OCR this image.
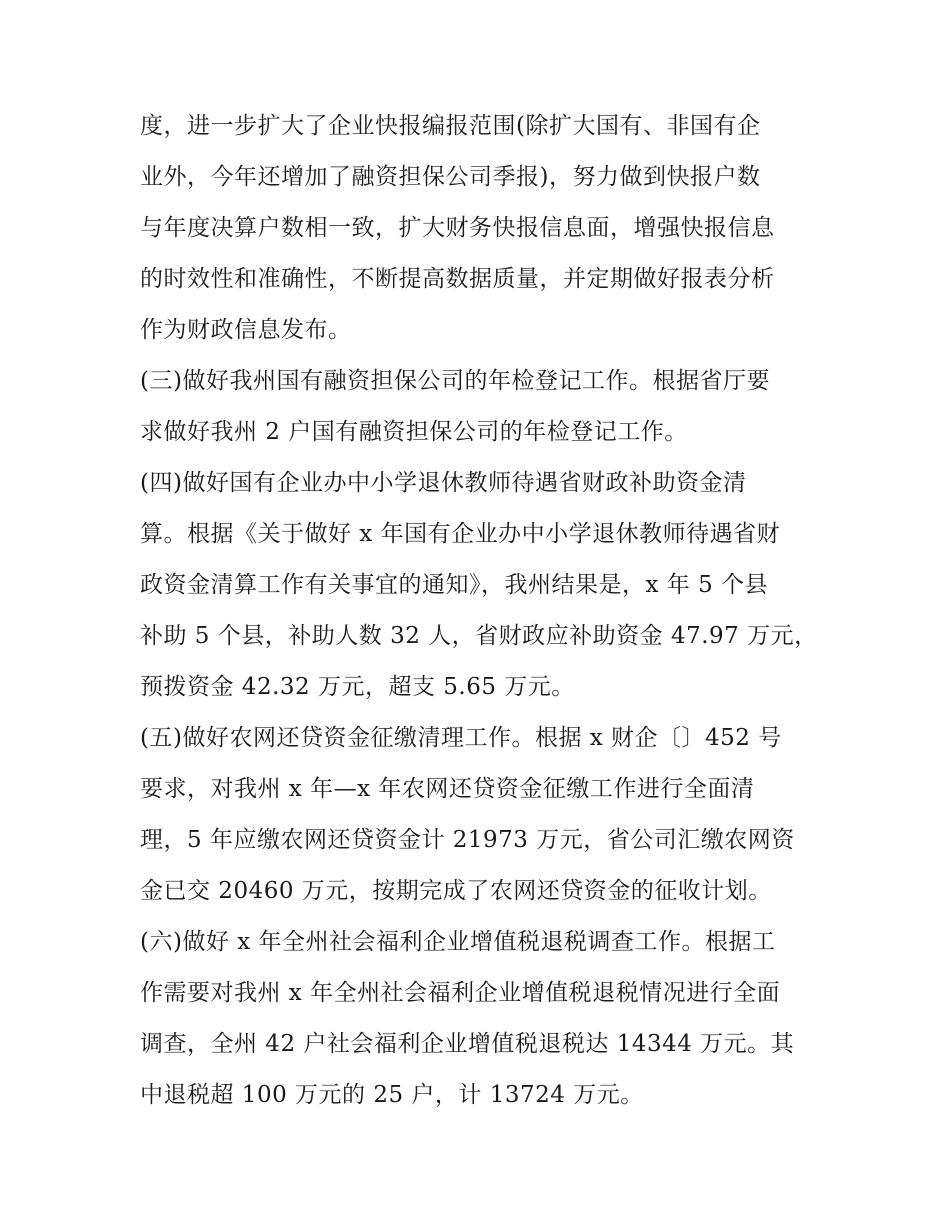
度，进一步扩大了企业快报编报范围(除扩大国有、非国有企
业外，今年还增加了融资担保公司季报)，努力做到快报户数
与年度决算户数相一致，扩大财务快报信息面，增强快报信息
的时效性和准确性，不断提高数据质量，并定期做好报表分析
作为财政信息发布。
(三)做好我州国有融资担保公司的年检登记工作。根据省厅要
求做好我州 2 户国有融资担保公司的年检登记工作。
(四)做好国有企业办中小学退休教师待遇省财政补助资金清
算。根据《关于做好 x 年国有企业办中小学退休教师待遇省财
政资金清算工作有关事宜的通知》，我州结果是，x 年 5 个县
补助 5 个县，补助人数 32 人，省财政应补助资金 47.97 万元，
预拨资金 42.32 万元，超支 5.65 万元。
(五)做好农网还贷资金征缴清理工作。根据 x 财企〔〕452 号
要求，对我州 x 年—x 年农网还贷资金征缴工作进行全面清
理，5 年应缴农网还贷资金计 21973 万元，省公司汇缴农网资
金已交 20460 万元，按期完成了农网还贷资金的征收计划。
(六)做好 x 年全州社会福利企业增值税退税调查工作。根据工
作需要对我州 x 年全州社会福利企业增值税退税情况进行全面
调查，全州 42 户社会福利企业增值税退税达 14344 万元。其
中退税超 100 万元的 25 户，计 13724 万元。
